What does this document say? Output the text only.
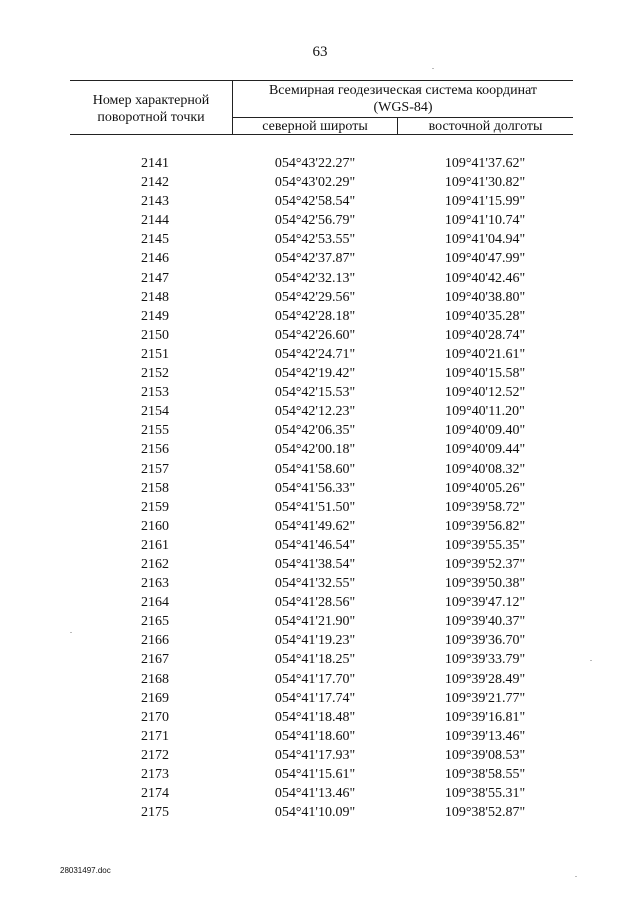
63
Номер характерной
поворотной точки
Всемирная геодезическая система координат
(WGS-84)
северной широты	восточной долготы
2141	054°43'22.27"	109°41'37.62"
2142	054°43'02.29"	109°41'30.82"
2143	054°42'58.54"	109°41'15.99"
2144	054°42'56.79"	109°41'10.74"
2145	054°42'53.55"	109°41'04.94"
2146	054°42'37.87"	109°40'47.99"
2147	054°42'32.13"	109°40'42.46"
2148	054°42'29.56"	109°40'38.80"
2149	054°42'28.18"	109°40'35.28"
2150	054°42'26.60"	109°40'28.74"
2151	054°42'24.71"	109°40'21.61"
2152	054°42'19.42"	109°40'15.58"
2153	054°42'15.53"	109°40'12.52"
2154	054°42'12.23"	109°40'11.20"
2155	054°42'06.35"	109°40'09.40"
2156	054°42'00.18"	109°40'09.44"
2157	054°41'58.60"	109°40'08.32"
2158	054°41'56.33"	109°40'05.26"
2159	054°41'51.50"	109°39'58.72"
2160	054°41'49.62"	109°39'56.82"
2161	054°41'46.54"	109°39'55.35"
2162	054°41'38.54"	109°39'52.37"
2163	054°41'32.55"	109°39'50.38"
2164	054°41'28.56"	109°39'47.12"
2165	054°41'21.90"	109°39'40.37"
2166	054°41'19.23"	109°39'36.70"
2167	054°41'18.25"	109°39'33.79"
2168	054°41'17.70"	109°39'28.49"
2169	054°41'17.74"	109°39'21.77"
2170	054°41'18.48"	109°39'16.81"
2171	054°41'18.60"	109°39'13.46"
2172	054°41'17.93"	109°39'08.53"
2173	054°41'15.61"	109°38'58.55"
2174	054°41'13.46"	109°38'55.31"
2175	054°41'10.09"	109°38'52.87"
28031497.doc
